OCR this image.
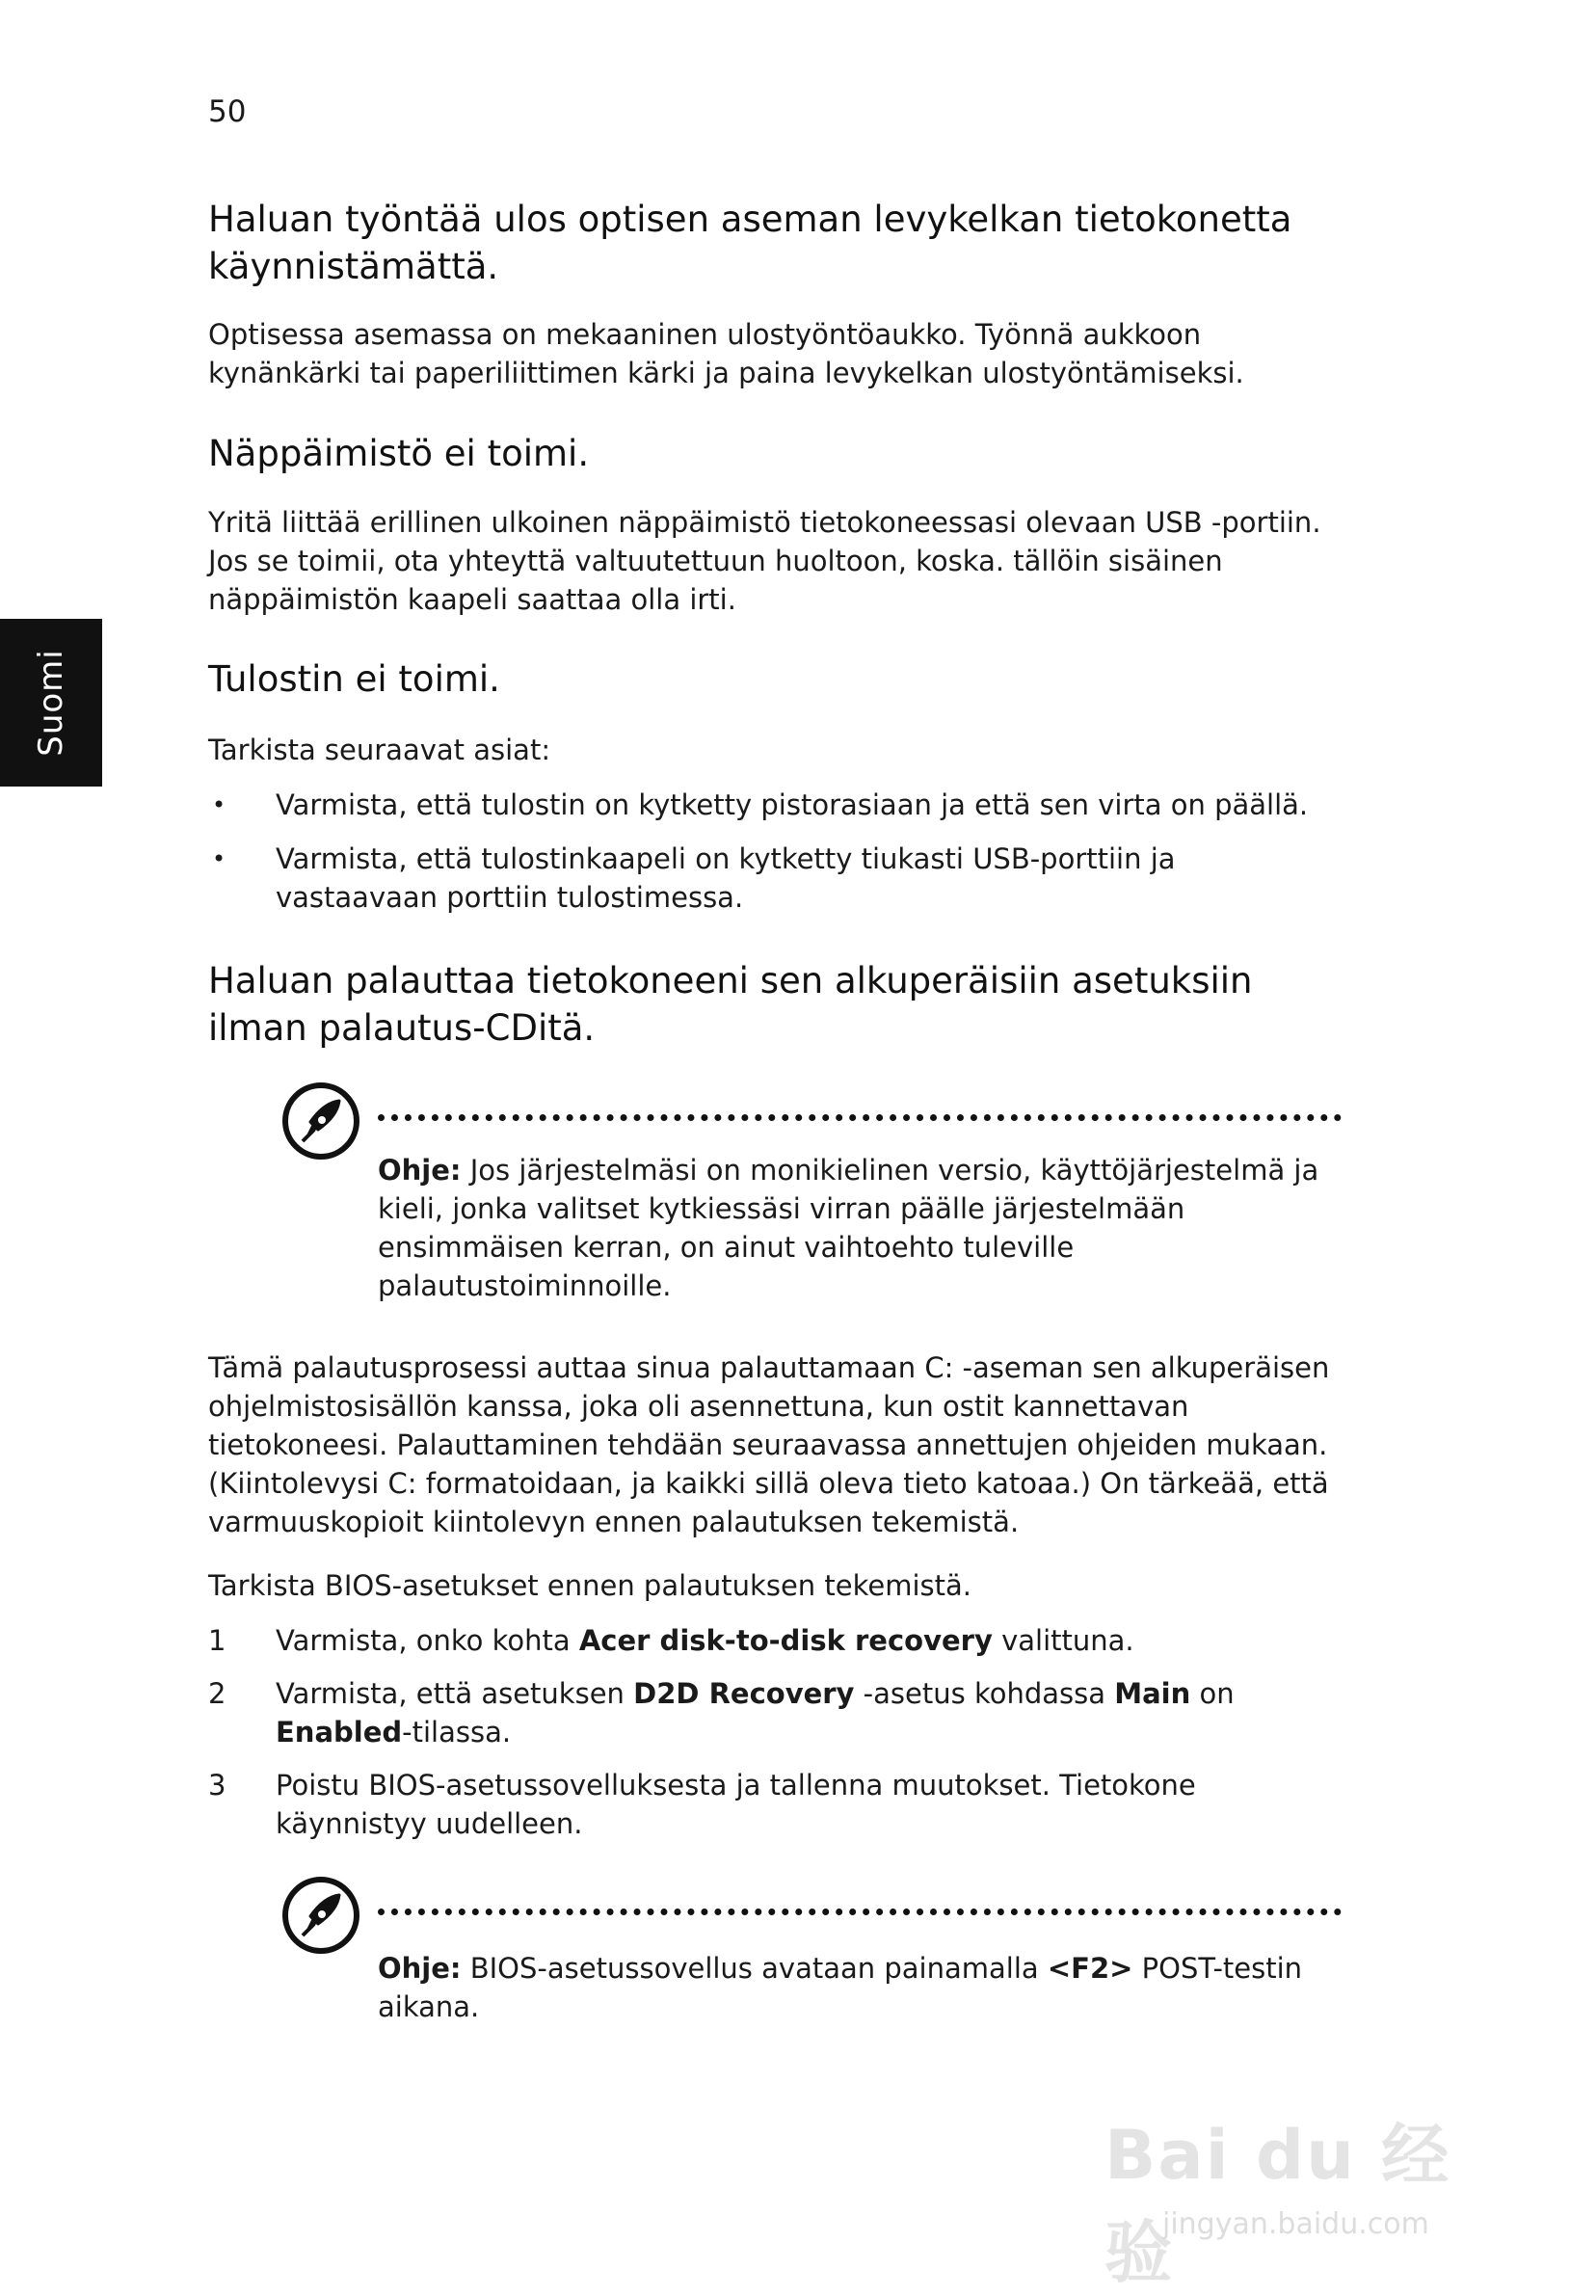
50
Suomi
Haluan työntää ulos optisen aseman levykelkan tietokonetta käynnistämättä.

Optisessa asemassa on mekaaninen ulostyöntöaukko. Työnnä aukkoon kynänkärki tai paperiliittimen kärki ja paina levykelkan ulostyöntämiseksi.

Näppäimistö ei toimi.

Yritä liittää erillinen ulkoinen näppäimistö tietokoneessasi olevaan USB -portiin. Jos se toimii, ota yhteyttä valtuutettuun huoltoon, koska. tällöin sisäinen näppäimistön kaapeli saattaa olla irti.

Tulostin ei toimi.

Tarkista seuraavat asiat:

• Varmista, että tulostin on kytketty pistorasiaan ja että sen virta on päällä.
• Varmista, että tulostinkaapeli on kytketty tiukasti USB-porttiin ja vastaavaan porttiin tulostimessa.
Haluan palauttaa tietokoneeni sen alkuperäisiin asetuksiin ilman palautus-CDitä.
Ohje: Jos järjestelmäsi on monikielinen versio, käyttöjärjestelmä ja kieli, jonka valitset kytkiessäsi virran päälle järjestelmään ensimmäisen kerran, on ainut vaihtoehto tuleville palautustoiminnoille.

Tämä palautusprosessi auttaa sinua palauttamaan C: -aseman sen alkuperäisen ohjelmistosisällön kanssa, joka oli asennettuna, kun ostit kannettavan tietokoneesi. Palauttaminen tehdään seuraavassa annettujen ohjeiden mukaan. (Kiintolevysi C: formatoidaan, ja kaikki sillä oleva tieto katoaa.) On tärkeää, että varmuuskopioit kiintolevyn ennen palautuksen tekemistä.

Tarkista BIOS-asetukset ennen palautuksen tekemistä.

1 Varmista, onko kohta Acer disk-to-disk recovery valittuna.
2 Varmista, että asetuksen D2D Recovery -asetus kohdassa Main on Enabled-tilassa.
3 Poistu BIOS-asetussovelluksesta ja tallenna muutokset. Tietokone käynnistyy uudelleen.
Ohje: BIOS-asetussovellus avataan painamalla <F2> POST-testin aikana.
Bai du 经验
jingyan.baidu.com
